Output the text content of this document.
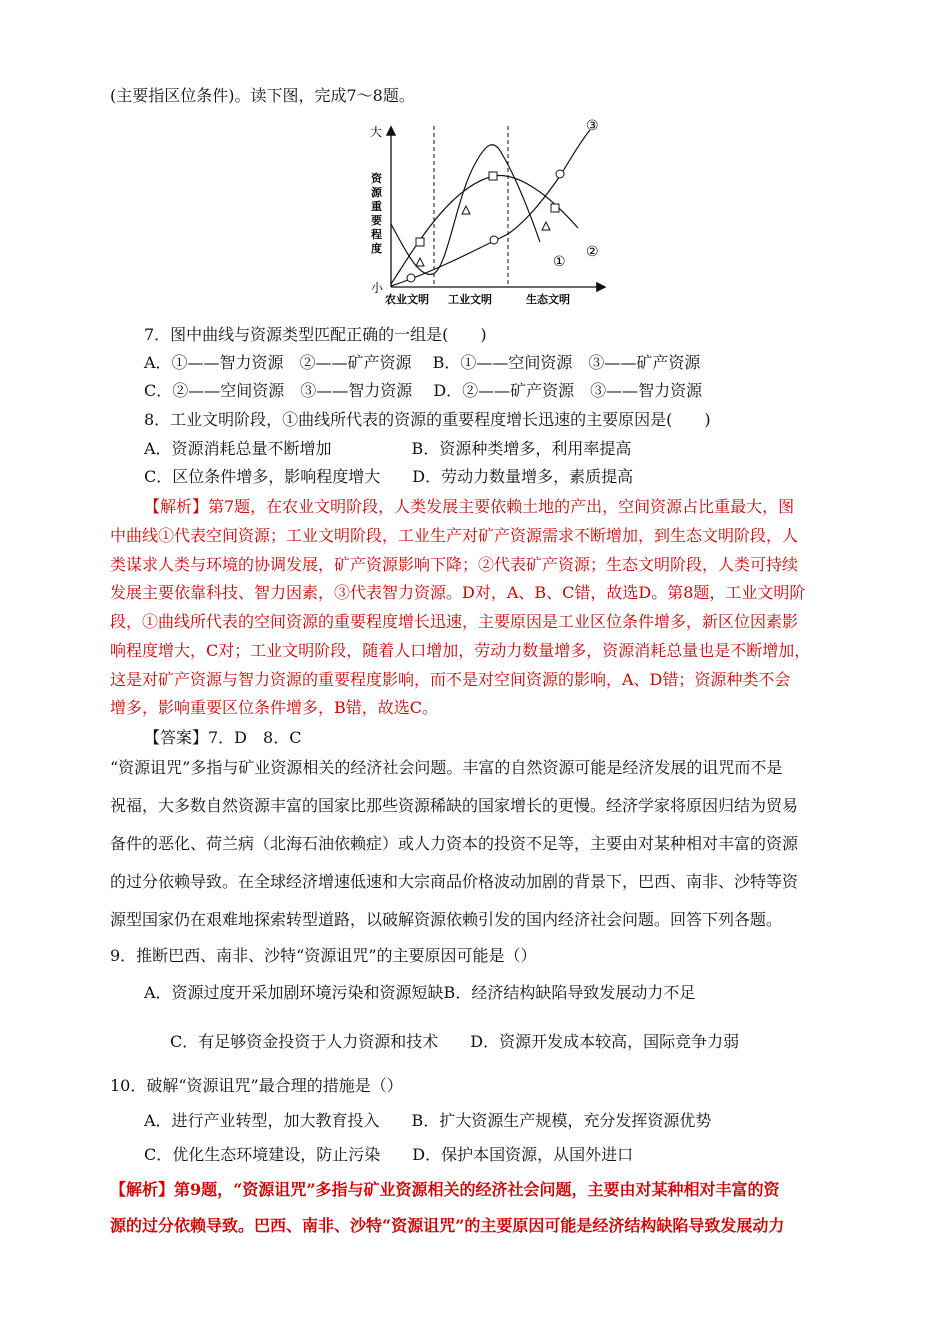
(主要指区位条件)。读下图，完成7～8题。
大
小
资
源
重
要
程
度
农业文明 工业文明	生态文明
①
②
③
7．图中曲线与资源类型匹配正确的一组是(　　)
A．①——智力资源　②——矿产资源　 B．①——空间资源　③——矿产资源
C．②——空间资源　③——智力资源　 D．②——矿产资源　③——智力资源
8．工业文明阶段，①曲线所代表的资源的重要程度增长迅速的主要原因是(　　)
A．资源消耗总量不断增加　　　　　B．资源种类增多，利用率提高
C．区位条件增多，影响程度增大　　D．劳动力数量增多，素质提高
【解析】第7题，在农业文明阶段，人类发展主要依赖土地的产出，空间资源占比重最大，图
中曲线①代表空间资源；工业文明阶段，工业生产对矿产资源需求不断增加，到生态文明阶段，人
类谋求人类与环境的协调发展，矿产资源影响下降；②代表矿产资源；生态文明阶段，人类可持续
发展主要依靠科技、智力因素，③代表智力资源。D对，A、B、C错，故选D。第8题，工业文明阶
段，①曲线所代表的空间资源的重要程度增长迅速，主要原因是工业区位条件增多，新区位因素影
响程度增大，C对；工业文明阶段，随着人口增加，劳动力数量增多，资源消耗总量也是不断增加，
这是对矿产资源与智力资源的重要程度影响，而不是对空间资源的影响，A、D错；资源种类不会
增多，影响重要区位条件增多，B错，故选C。
【答案】7．D　8．C
“资源诅咒”多指与矿业资源相关的经济社会问题。丰富的自然资源可能是经济发展的诅咒而不是
祝福，大多数自然资源丰富的国家比那些资源稀缺的国家增长的更慢。经济学家将原因归结为贸易
备件的恶化、荷兰病（北海石油依赖症）或人力资本的投资不足等，主要由对某种相对丰富的资源
的过分依赖导致。在全球经济增速低速和大宗商品价格波动加剧的背景下，巴西、南非、沙特等资
源型国家仍在艰难地探索转型道路，以破解资源依赖引发的国内经济社会问题。回答下列各题。
9．推断巴西、南非、沙特“资源诅咒”的主要原因可能是（）
A．资源过度开采加剧环境污染和资源短缺B．经济结构缺陷导致发展动力不足
C．有足够资金投资于人力资源和技术　　D．资源开发成本较高，国际竞争力弱
10．破解“资源诅咒”最合理的措施是（）
A．进行产业转型，加大教育投入　　B．扩大资源生产规模，充分发挥资源优势
C．优化生态环境建设，防止污染　　D．保护本国资源，从国外进口
【解析】第9题，“资源诅咒”多指与矿业资源相关的经济社会问题，主要由对某种相对丰富的资
源的过分依赖导致。巴西、南非、沙特“资源诅咒”的主要原因可能是经济结构缺陷导致发展动力
